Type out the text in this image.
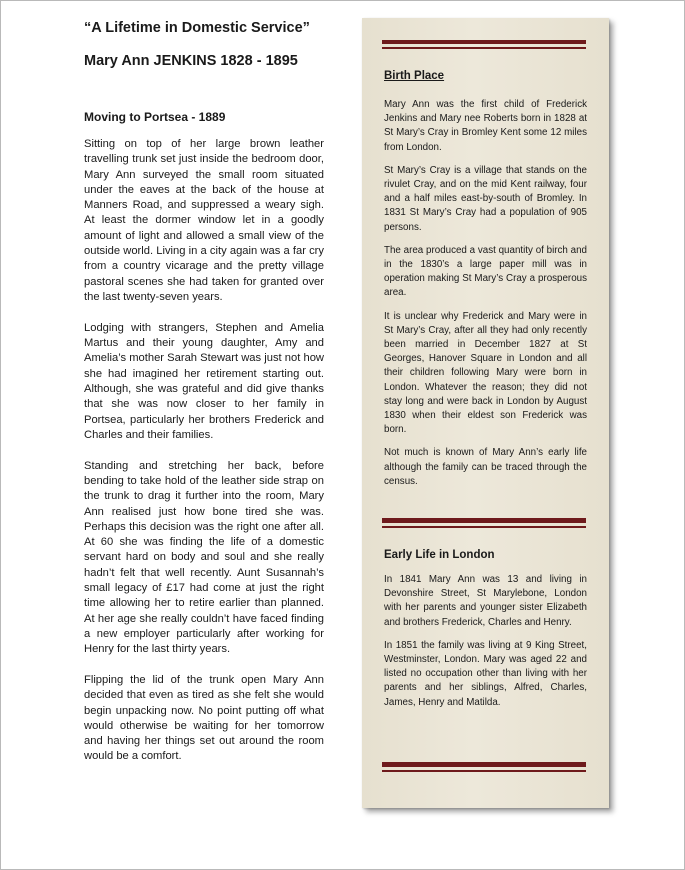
“A Lifetime in Domestic Service”
Mary Ann JENKINS 1828 - 1895
Moving to Portsea - 1889

Sitting on top of her large brown leather travelling trunk set just inside the bedroom door, Mary Ann surveyed the small room situated under the eaves at the back of the house at Manners Road, and suppressed a weary sigh. At least the dormer window let in a goodly amount of light and allowed a small view of the outside world. Living in a city again was a far cry from a country vicarage and the pretty village pastoral scenes she had taken for granted over the last twenty-seven years.

Lodging with strangers, Stephen and Amelia Martus and their young daughter, Amy and Amelia’s mother Sarah Stewart was just not how she had imagined her retirement starting out. Although, she was grateful and did give thanks that she was now closer to her family in Portsea, particularly her brothers Frederick and Charles and their families.

Standing and stretching her back, before bending to take hold of the leather side strap on the trunk to drag it further into the room, Mary Ann realised just how bone tired she was. Perhaps this decision was the right one after all. At 60 she was finding the life of a domestic servant hard on body and soul and she really hadn’t felt that well recently. Aunt Susannah’s small legacy of £17 had come at just the right time allowing her to retire earlier than planned. At her age she really couldn’t have faced finding a new employer particularly after working for Henry for the last thirty years.

Flipping the lid of the trunk open Mary Ann decided that even as tired as she felt she would begin unpacking now. No point putting off what would otherwise be waiting for her tomorrow and having her things set out around the room would be a comfort.

Birth Place

Mary Ann was the first child of Frederick Jenkins and Mary nee Roberts born in 1828 at St Mary’s Cray in Bromley Kent some 12 miles from London.

St Mary’s Cray is a village that stands on the rivulet Cray, and on the mid Kent railway, four and a half miles east-by-south of Bromley. In 1831 St Mary’s Cray had a population of 905 persons.

The area produced a vast quantity of birch and in the 1830’s a large paper mill was in operation making St Mary’s Cray a prosperous area.

It is unclear why Frederick and Mary were in St Mary’s Cray, after all they had only recently been married in December 1827 at St Georges, Hanover Square in London and all their children following Mary were born in London. Whatever the reason; they did not stay long and were back in London by August 1830 when their eldest son Frederick was born.

Not much is known of Mary Ann’s early life although the family can be traced through the census.

Early Life in London

In 1841 Mary Ann was 13 and living in Devonshire Street, St Marylebone, London with her parents and younger sister Elizabeth and brothers Frederick, Charles and Henry.

In 1851 the family was living at 9 King Street, Westminster, London. Mary was aged 22 and listed no occupation other than living with her parents and her siblings, Alfred, Charles, James, Henry and Matilda.
